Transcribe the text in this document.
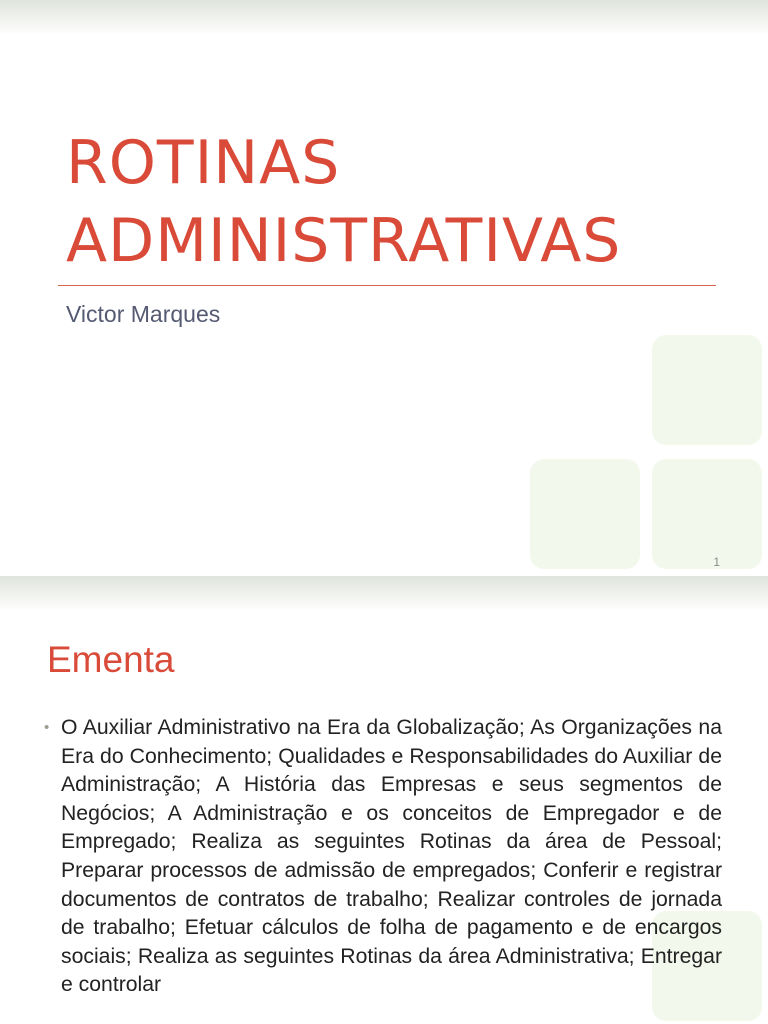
ROTINAS
ADMINISTRATIVAS

Victor Marques

1
Ementa
• O Auxiliar Administrativo na Era da Globalização; As Organizações na Era do Conhecimento; Qualidades e Responsabilidades do Auxiliar de Administração; A História das Empresas e seus segmentos de Negócios; A Administração e os conceitos de Empregador e de Empregado; Realiza as seguintes Rotinas da área de Pessoal; Preparar processos de admissão de empregados; Conferir e registrar documentos de contratos de trabalho; Realizar controles de jornada de trabalho; Efetuar cálculos de folha de pagamento e de encargos sociais; Realiza as seguintes Rotinas da área Administrativa; Entregar e controlar
